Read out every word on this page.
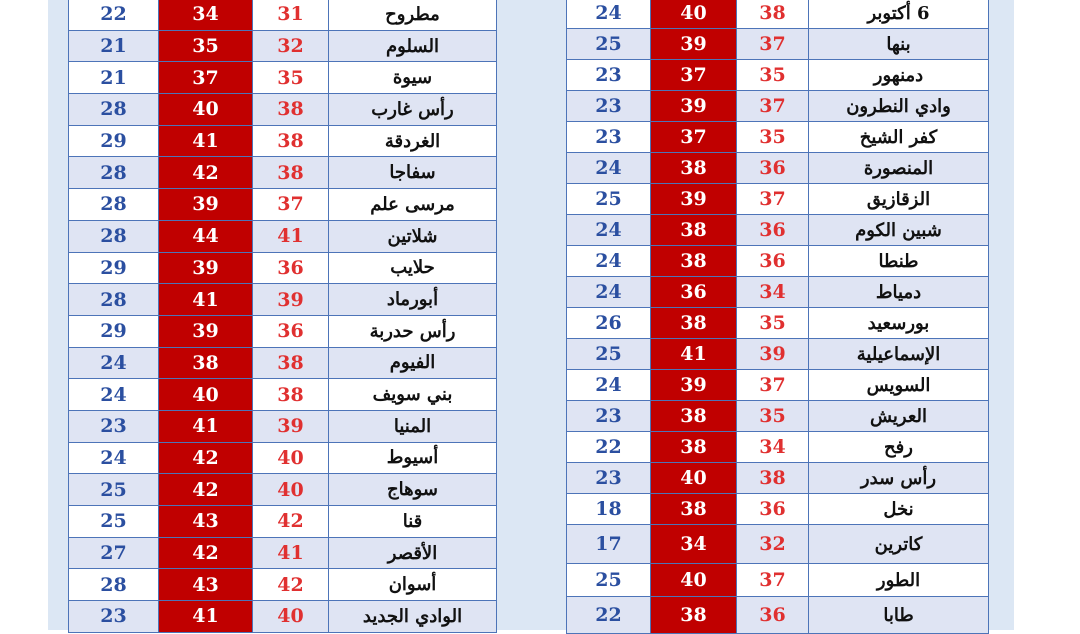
22	34	31	مطروح
21	35	32	السلوم
21	37	35	سيوة
28	40	38	رأس غارب
29	41	38	الغردقة
28	42	38	سفاجا
28	39	37	مرسى علم
28	44	41	شلاتين
29	39	36	حلايب
28	41	39	أبورماد
29	39	36	رأس حدربة
24	38	38	الفيوم
24	40	38	بني سويف
23	41	39	المنيا
24	42	40	أسيوط
25	42	40	سوهاج
25	43	42	قنا
27	42	41	الأقصر
28	43	42	أسوان
23	41	40	الوادي الجديد
24	40	38	6 أكتوبر
25	39	37	بنها
23	37	35	دمنهور
23	39	37	وادي النطرون
23	37	35	كفر الشيخ
24	38	36	المنصورة
25	39	37	الزقازيق
24	38	36	شبين الكوم
24	38	36	طنطا
24	36	34	دمياط
26	38	35	بورسعيد
25	41	39	الإسماعيلية
24	39	37	السويس
23	38	35	العريش
22	38	34	رفح
23	40	38	رأس سدر
18	38	36	نخل
17	34	32	كاترين
25	40	37	الطور
22	38	36	طابا
